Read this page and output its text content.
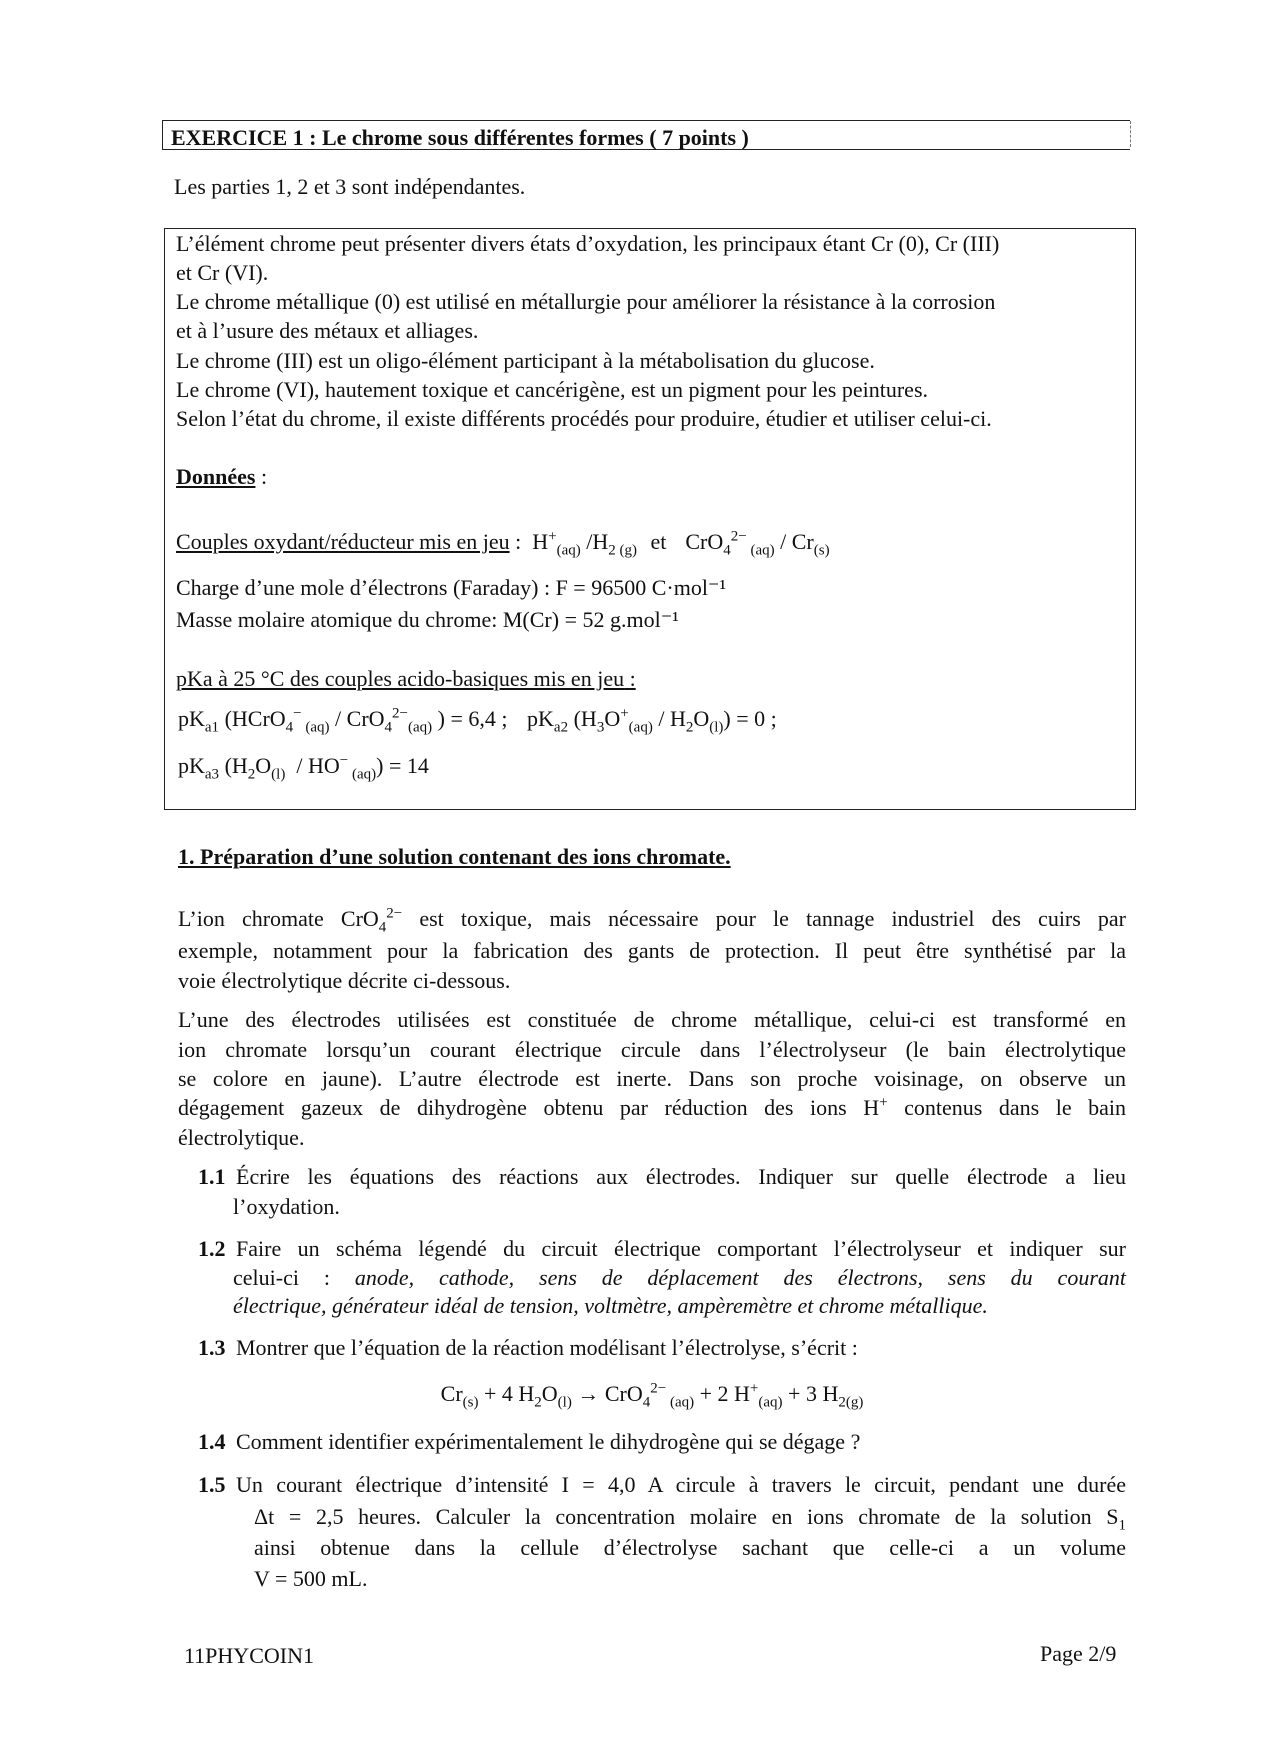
EXERCICE 1 : Le chrome sous différentes formes ( 7 points )
Les parties 1, 2 et 3 sont indépendantes.
L’élément chrome peut présenter divers états d’oxydation, les principaux étant Cr (0), Cr (III)
et Cr (VI).
Le chrome métallique (0) est utilisé en métallurgie pour améliorer la résistance à la corrosion
et à l’usure des métaux et alliages.
Le chrome (III) est un oligo-élément participant à la métabolisation du glucose.
Le chrome (VI), hautement toxique et cancérigène, est un pigment pour les peintures.
Selon l’état du chrome, il existe différents procédés pour produire, étudier et utiliser celui-ci.
Données :
Couples oxydant/réducteur mis en jeu :  $H^+_{(aq)}$ $/H_{2 (g)}$ et  CrO$_4^{2-}$ $_{(aq)} / Cr_{(s)}$
Charge d’une mole d’électrons (Faraday) : F = 96500 C·mol⁻¹
Masse molaire atomique du chrome: M(Cr) = 52 g.mol⁻¹
pKa à 25 °C des couples acido-basiques mis en jeu :
$pK_{a1}$ (HCrO$_4$− $_{(aq)}$ / CrO$_4^{2-}_{(aq)}$ ) = 6,4 ; $pK_{a2}$ $(H_3O^+_{(aq)} / H_2O_{(l)}) = 0$ ;
$pK_{a3}$ ($H_2O_{(l)} / HO^-$ $_{(aq)}$) = 14
1. Préparation d’une solution contenant des ions chromate.
L’ion chromate CrO$_4^{2-}$ est toxique, mais nécessaire pour le tannage industriel des cuirs par
exemple, notamment pour la fabrication des gants de protection. Il peut être synthétisé par la
voie électrolytique décrite ci-dessous.
L’une des électrodes utilisées est constituée de chrome métallique, celui-ci est transformé en
ion chromate lorsqu’un courant électrique circule dans l’électrolyseur (le bain électrolytique
se colore en jaune). L’autre électrode est inerte. Dans son proche voisinage, on observe un
dégagement gazeux de dihydrogène obtenu par réduction des ions H+ contenus dans le bain
électrolytique.
1.1 Écrire les équations des réactions aux électrodes. Indiquer sur quelle électrode a lieu
l’oxydation.
1.2 Faire un schéma légendé du circuit électrique comportant l’électrolyseur et indiquer sur
celui-ci : anode, cathode, sens de déplacement des électrons, sens du courant
électrique, générateur idéal de tension, voltmètre, ampèremètre et chrome métallique.
1.3 Montrer que l’équation de la réaction modélisant l’électrolyse, s’écrit :
$Cr_{(s)} + 4$ $H_2O_{(l)} \to CrO_4^{2-}$ $_{(aq)}$ + 2 $H^+_{(aq)} + 3$ $H_{2(g)}$
1.4 Comment identifier expérimentalement le dihydrogène qui se dégage ?
1.5 Un courant électrique d’intensité I = 4,0 A circule à travers le circuit, pendant une durée
Δt = 2,5 heures. Calculer la concentration molaire en ions chromate de la solution $S_1$
ainsi obtenue dans la cellule d’électrolyse sachant que celle-ci a un volume
V = 500 mL.
11PHYCOIN1	Page 2/9
